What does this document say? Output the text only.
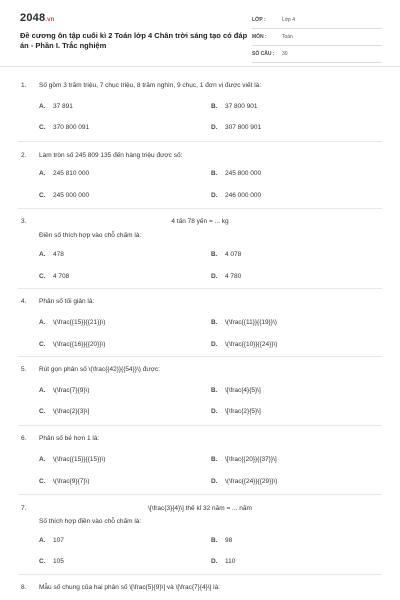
2048.vn
Đề cương ôn tập cuối kì 2 Toán lớp 4 Chân trời sáng tạo có đáp án - Phần I. Trắc nghiệm
LỚP :	Lớp 4
MÔN :	Toán
SỐ CÂU :	30
1. Số gồm 3 trăm triệu, 7 chục triệu, 8 trăm nghìn, 9 chục, 1 đơn vị được viết là:
A.	37 891	B.	37 800 901
C.	370 800 091	D.	307 800 901
2. Làm tròn số 245 809 135 đến hàng triệu được số:
A.	245 810 000	B.	245 800 000
C.	245 000 000	D.	246 000 000
3.	4 tấn 78 yến = ... kg
Điền số thích hợp vào chỗ chấm là:
A.	478	B.	4 078
C.	4 708	D.	4 780
4. Phân số tối giản là:
A.	\(\frac{{15}}{{21}}\)	B.	\(\frac{{11}}{{19}}\)
C.	\(\frac{{16}}{{20}}\)	D.	\(\frac{{10}}{{24}}\)
5. Rút gọn phân số \(\frac{{42}}{{54}}\) được:
A.	\(\frac{7}{9}\)	B.	\[\frac{4}{5}\]
C.	\(\frac{2}{3}\]	D.	\[\frac{2}{5}\]
6. Phân số bé hơn 1 là:
A.	\(\frac{{15}}{{15}}\)	B.	\[\frac{{20}}{{37}}\]
C.	\(\frac{9}{7}\)	D.	\(\frac{{24}}{{29}}\)
7.	\[\frac{3}{4}\] thế kỉ 32 năm = ... năm
Số thích hợp điền vào chỗ chấm là:
A.	107	B.	98
C.	105	D.	110
8. Mẫu số chung của hai phân số \[\frac{5}{9}\] và \[\frac{7}{4}\] là:
